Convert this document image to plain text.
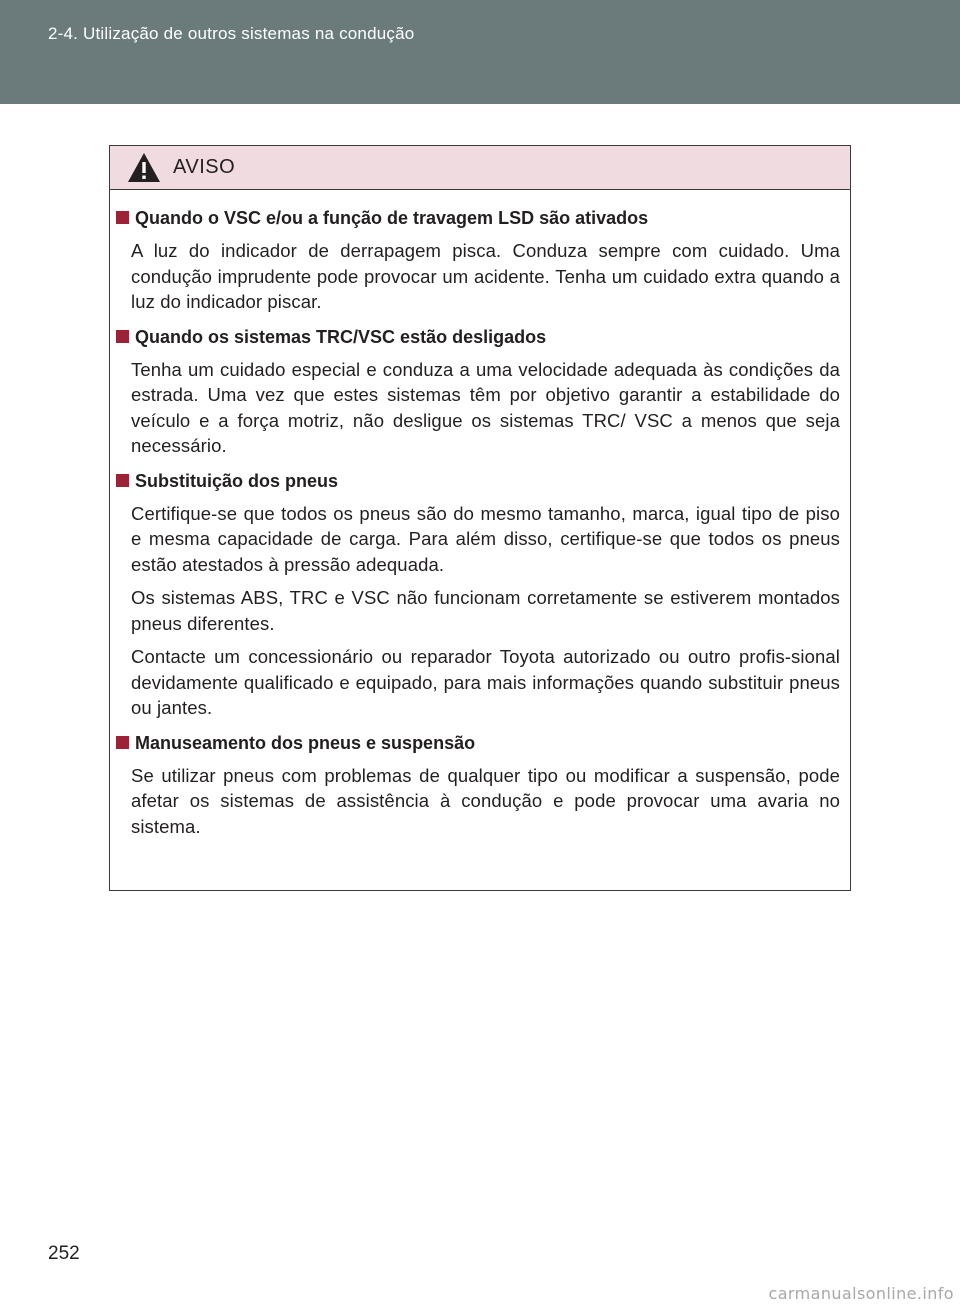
2-4. Utilização de outros sistemas na condução
AVISO
Quando o VSC e/ou a função de travagem LSD são ativados

A luz do indicador de derrapagem pisca. Conduza sempre com cuidado. Uma condução imprudente pode provocar um acidente. Tenha um cuidado extra quando a luz do indicador piscar.

Quando os sistemas TRC/VSC estão desligados

Tenha um cuidado especial e conduza a uma velocidade adequada às condições da estrada. Uma vez que estes sistemas têm por objetivo garantir a estabilidade do veículo e a força motriz, não desligue os sistemas TRC/ VSC a menos que seja necessário.

Substituição dos pneus

Certifique-se que todos os pneus são do mesmo tamanho, marca, igual tipo de piso e mesma capacidade de carga. Para além disso, certifique-se que todos os pneus estão atestados à pressão adequada.

Os sistemas ABS, TRC e VSC não funcionam corretamente se estiverem montados pneus diferentes.

Contacte um concessionário ou reparador Toyota autorizado ou outro profis-sional devidamente qualificado e equipado, para mais informações quando substituir pneus ou jantes.

Manuseamento dos pneus e suspensão

Se utilizar pneus com problemas de qualquer tipo ou modificar a suspensão, pode afetar os sistemas de assistência à condução e pode provocar uma avaria no sistema.

252
carmanualsonline.info
